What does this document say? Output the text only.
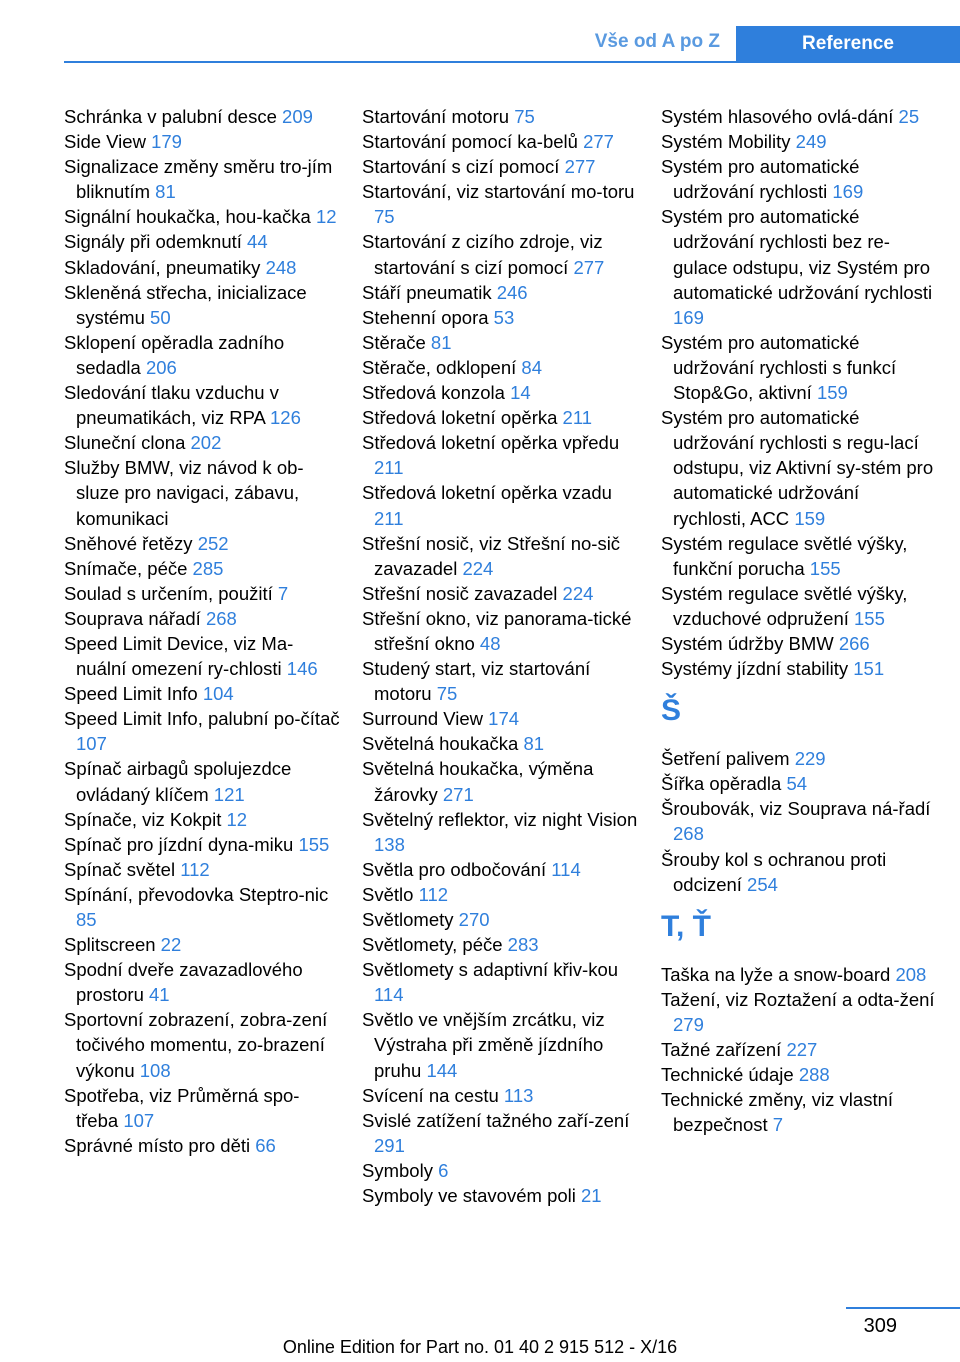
Vše od A po Z	Reference

Schránka v palubní desce 209

Side View 179

Signalizace změny směru tro‐jím bliknutím 81

Signální houkačka, hou‐kačka 12

Signály při odemknutí 44

Skladování, pneumatiky 248

Skleněná střecha, inicializace systému 50

Sklopení opěradla zadního sedadla 206

Sledování tlaku vzduchu v pneumatikách, viz RPA 126

Sluneční clona 202

Služby BMW, viz návod k ob‐sluze pro navigaci, zábavu, komunikaci

Sněhové řetězy 252

Snímače, péče 285

Soulad s určením, použití 7

Souprava nářadí 268

Speed Limit Device, viz Ma‐nuální omezení ry‐chlosti 146

Speed Limit Info 104

Speed Limit Info, palubní po‐čítač 107

Spínač airbagů spolujezdce ovládaný klíčem 121

Spínače, viz Kokpit 12

Spínač pro jízdní dyna‐miku 155

Spínač světel 112

Spínání, převodovka Steptro‐nic 85

Splitscreen 22

Spodní dveře zavazadlového prostoru 41

Sportovní zobrazení, zobra‐zení točivého momentu, zo‐brazení výkonu 108

Spotřeba, viz Průměrná spo‐třeba 107

Správné místo pro děti 66

Startování motoru 75

Startování pomocí ka‐belů 277

Startování s cizí pomocí 277

Startování, viz startování mo‐toru 75

Startování z cizího zdroje, viz startování s cizí pomocí 277

Stáří pneumatik 246

Stehenní opora 53

Stěrače 81

Stěrače, odklopení 84

Středová konzola 14

Středová loketní opěrka 211

Středová loketní opěrka vpředu 211

Středová loketní opěrka vzadu 211

Střešní nosič, viz Střešní no‐sič zavazadel 224

Střešní nosič zavazadel 224

Střešní okno, viz panorama‐tické střešní okno 48

Studený start, viz startování motoru 75

Surround View 174

Světelná houkačka 81

Světelná houkačka, výměna žárovky 271

Světelný reflektor, viz night Vision 138

Světla pro odbočování 114

Světlo 112

Světlomety 270

Světlomety, péče 283

Světlomety s adaptivní křiv‐kou 114

Světlo ve vnějším zrcátku, viz Výstraha při změně jízdního pruhu 144

Svícení na cestu 113

Svislé zatížení tažného zaří‐zení 291

Symboly 6

Symboly ve stavovém poli 21

Systém hlasového ovlá‐dání 25

Systém Mobility 249

Systém pro automatické udržování rychlosti 169

Systém pro automatické udržování rychlosti bez re‐gulace odstupu, viz Systém pro automatické udržování rychlosti 169

Systém pro automatické udržování rychlosti s funkcí Stop&Go, aktivní 159

Systém pro automatické udržování rychlosti s regu‐lací odstupu, viz Aktivní sy‐stém pro automatické udržování rychlosti, ACC 159

Systém regulace světlé výšky, funkční porucha 155

Systém regulace světlé výšky, vzduchové odpružení 155

Systém údržby BMW 266

Systémy jízdní stability 151

Š

Šetření palivem 229

Šířka opěradla 54

Šroubovák, viz Souprava ná‐řadí 268

Šrouby kol s ochranou proti odcizení 254

T, Ť

Taška na lyže a snow‐board 208

Tažení, viz Roztažení a odta‐žení 279

Tažné zařízení 227

Technické údaje 288

Technické změny, viz vlastní bezpečnost 7

309
Online Edition for Part no. 01 40 2 915 512 - X/16
